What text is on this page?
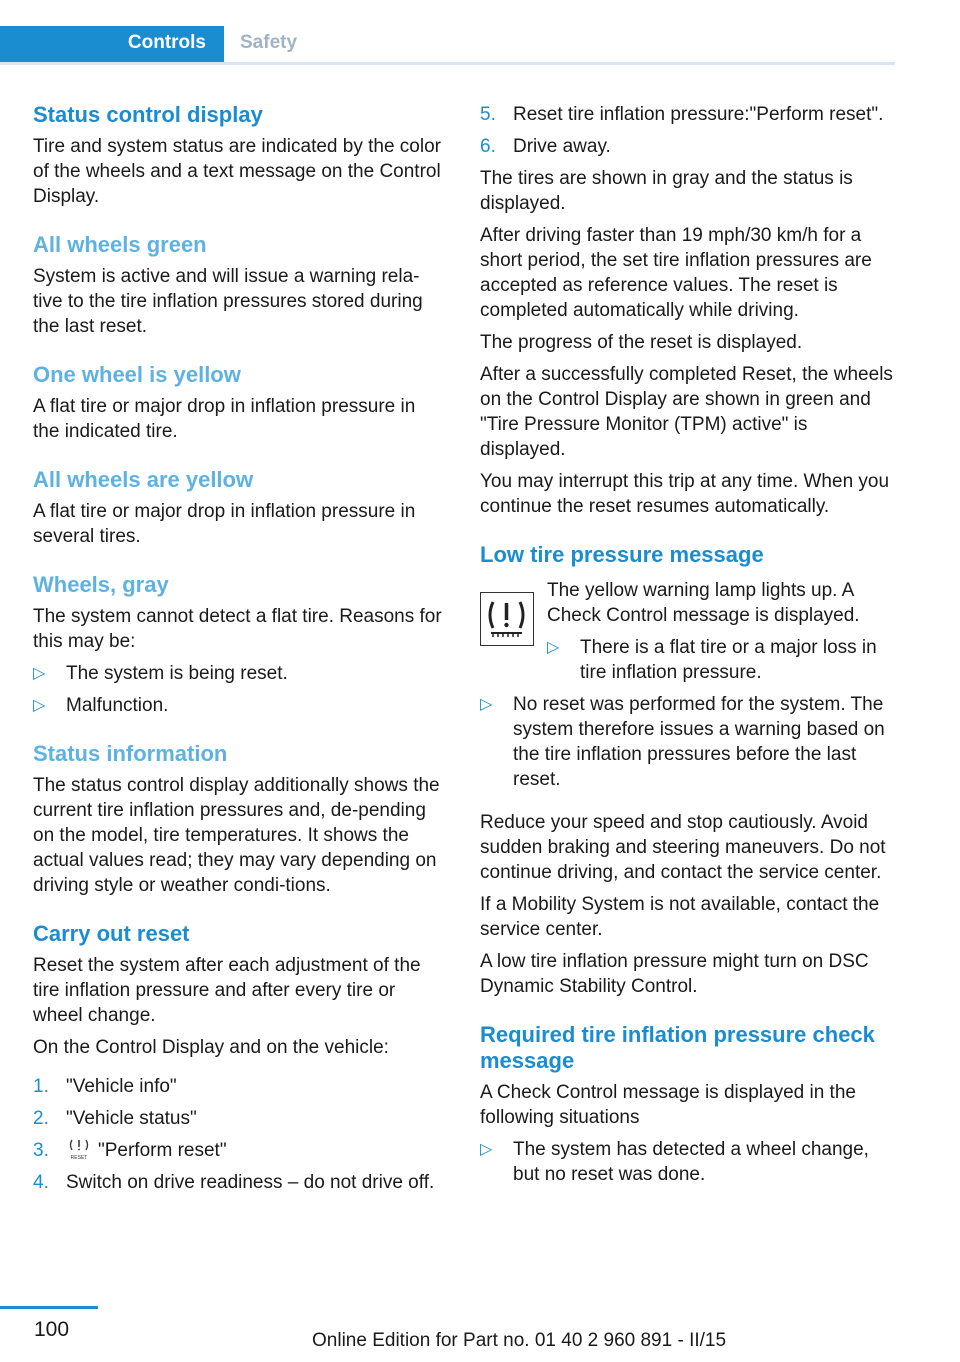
Controls Safety
Status control display

Tire and system status are indicated by the color of the wheels and a text message on the Control Display.

All wheels green

System is active and will issue a warning rela-tive to the tire inflation pressures stored during the last reset.

One wheel is yellow

A flat tire or major drop in inflation pressure in the indicated tire.

All wheels are yellow

A flat tire or major drop in inflation pressure in several tires.

Wheels, gray

The system cannot detect a flat tire. Reasons for this may be:

▷ The system is being reset.
▷ Malfunction.
Status information

The status control display additionally shows the current tire inflation pressures and, de-pending on the model, tire temperatures. It shows the actual values read; they may vary depending on driving style or weather condi-tions.

Carry out reset

Reset the system after each adjustment of the tire inflation pressure and after every tire or wheel change.

On the Control Display and on the vehicle:

1. "Vehicle info"
2. "Vehicle status"
3.	RESET "Perform reset"
4. Switch on drive readiness – do not drive off.
5. Reset tire inflation pressure:"Perform reset".
6. Drive away.

The tires are shown in gray and the status is displayed.

After driving faster than 19 mph/30 km/h for a short period, the set tire inflation pressures are accepted as reference values. The reset is completed automatically while driving.

The progress of the reset is displayed.

After a successfully completed Reset, the wheels on the Control Display are shown in green and "Tire Pressure Monitor (TPM) active" is displayed.

You may interrupt this trip at any time. When you continue the reset resumes automatically.

Low tire pressure message

The yellow warning lamp lights up. A Check Control message is displayed.

▷ There is a flat tire or a major loss in tire inflation pressure.
▷ No reset was performed for the system. The system therefore issues a warning based on the tire inflation pressures before the last reset.

Reduce your speed and stop cautiously. Avoid sudden braking and steering maneuvers. Do not continue driving, and contact the service center.

If a Mobility System is not available, contact the service center.

A low tire inflation pressure might turn on DSC Dynamic Stability Control.

Required tire inflation pressure check message

A Check Control message is displayed in the following situations

▷ The system has detected a wheel change, but no reset was done.
100	Online Edition for Part no. 01 40 2 960 891 - II/15
